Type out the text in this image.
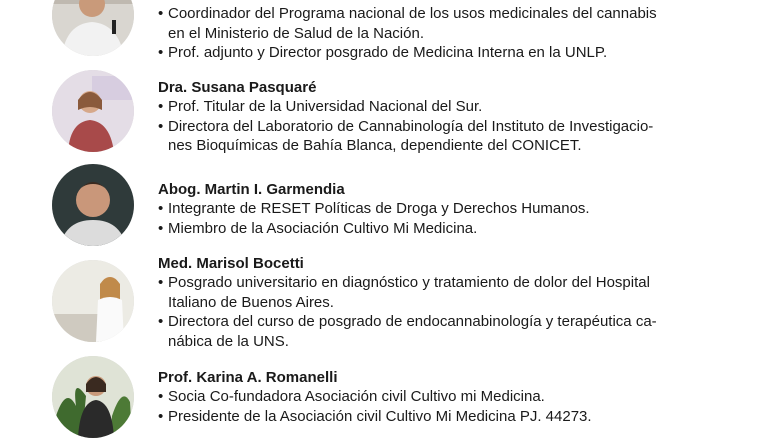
• Coordinador del Programa nacional de los usos medicinales del cannabis
en el Ministerio de Salud de la Nación.
• Prof. adjunto y Director posgrado de Medicina Interna en la UNLP.

Dra. Susana Pasquaré

• Prof. Titular de la Universidad Nacional del Sur.
• Directora del Laboratorio de Cannabinología del Instituto de Investigacio-
nes Bioquímicas de Bahía Blanca, dependiente del CONICET.

Abog. Martin I. Garmendia

• Integrante de RESET Políticas de Droga y Derechos Humanos.
• Miembro de la Asociación Cultivo Mi Medicina.

Med. Marisol Bocetti

• Posgrado universitario en diagnóstico y tratamiento de dolor del Hospital
Italiano de Buenos Aires.
• Directora del curso de posgrado de endocannabinología y terapéutica ca-
nábica de la UNS.

Prof. Karina A. Romanelli

• Socia Co-fundadora Asociación civil Cultivo mi Medicina.
• Presidente de la Asociación civil Cultivo Mi Medicina PJ. 44273.
